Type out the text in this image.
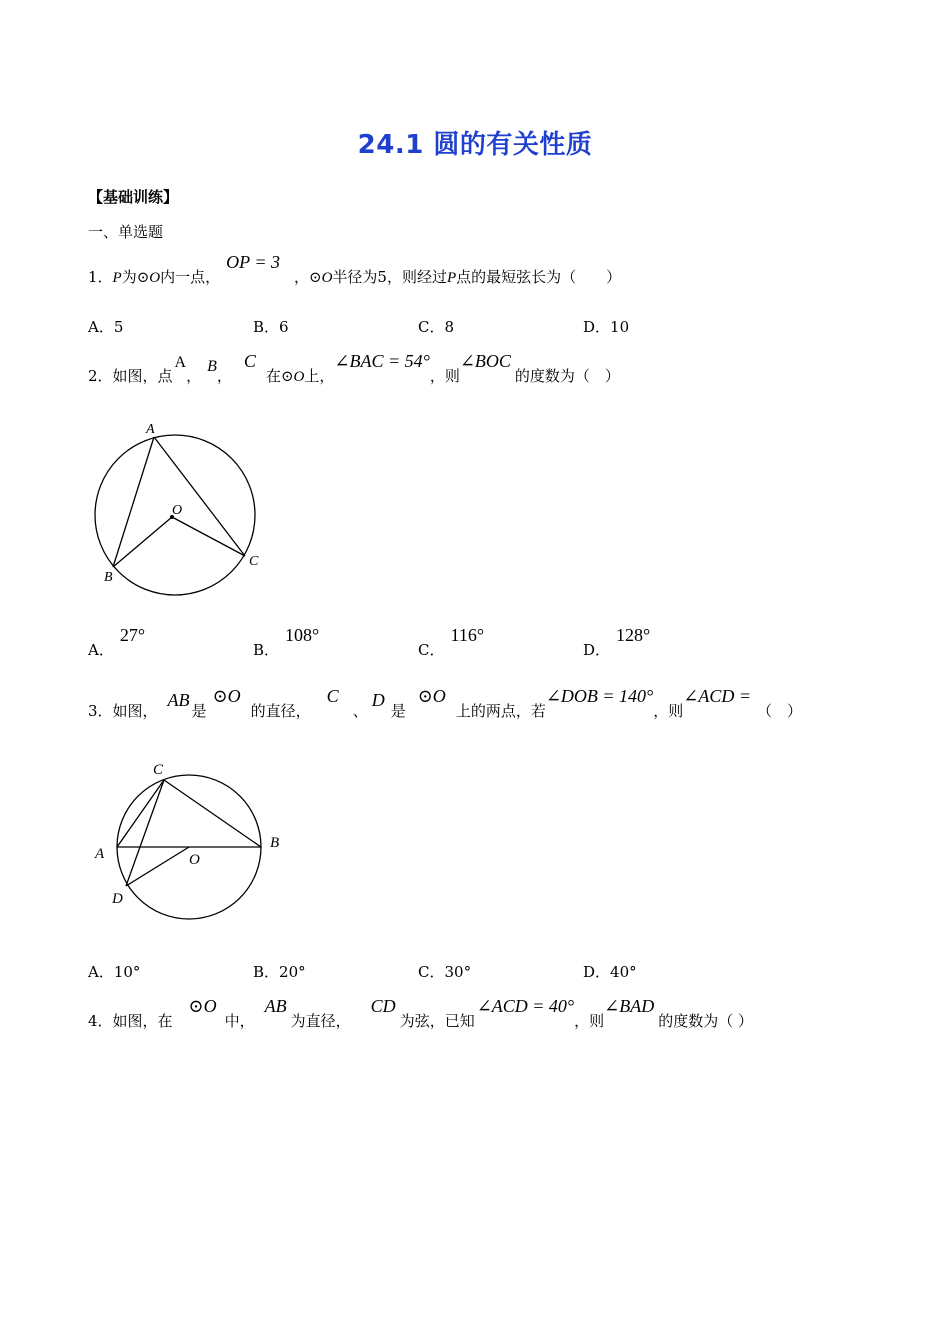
24.1 圆的有关性质
【基础训练】
一、单选题
1．P为⊙O内一点，OP = 3，⊙O半径为5，则经过P点的最短弦长为（　　）
A．5	B．6	C．8	D．10
2．如图，点A，B，C在⊙O上，∠BAC = 54°，则∠BOC的度数为（　）
A
O
B
C
A．27°
B．108°
C．116°
D．128°
3．如图，AB是⊙O的直径，C、D是⊙O上的两点，若∠DOB = 140°，则∠ACD =（　）
C
A
B
O
D
A．10°	B．20°	C．30°	D．40°
4．如图，在⊙O中，AB为直径，CD为弦，已知∠ACD = 40°，则∠BAD的度数为（ ）
